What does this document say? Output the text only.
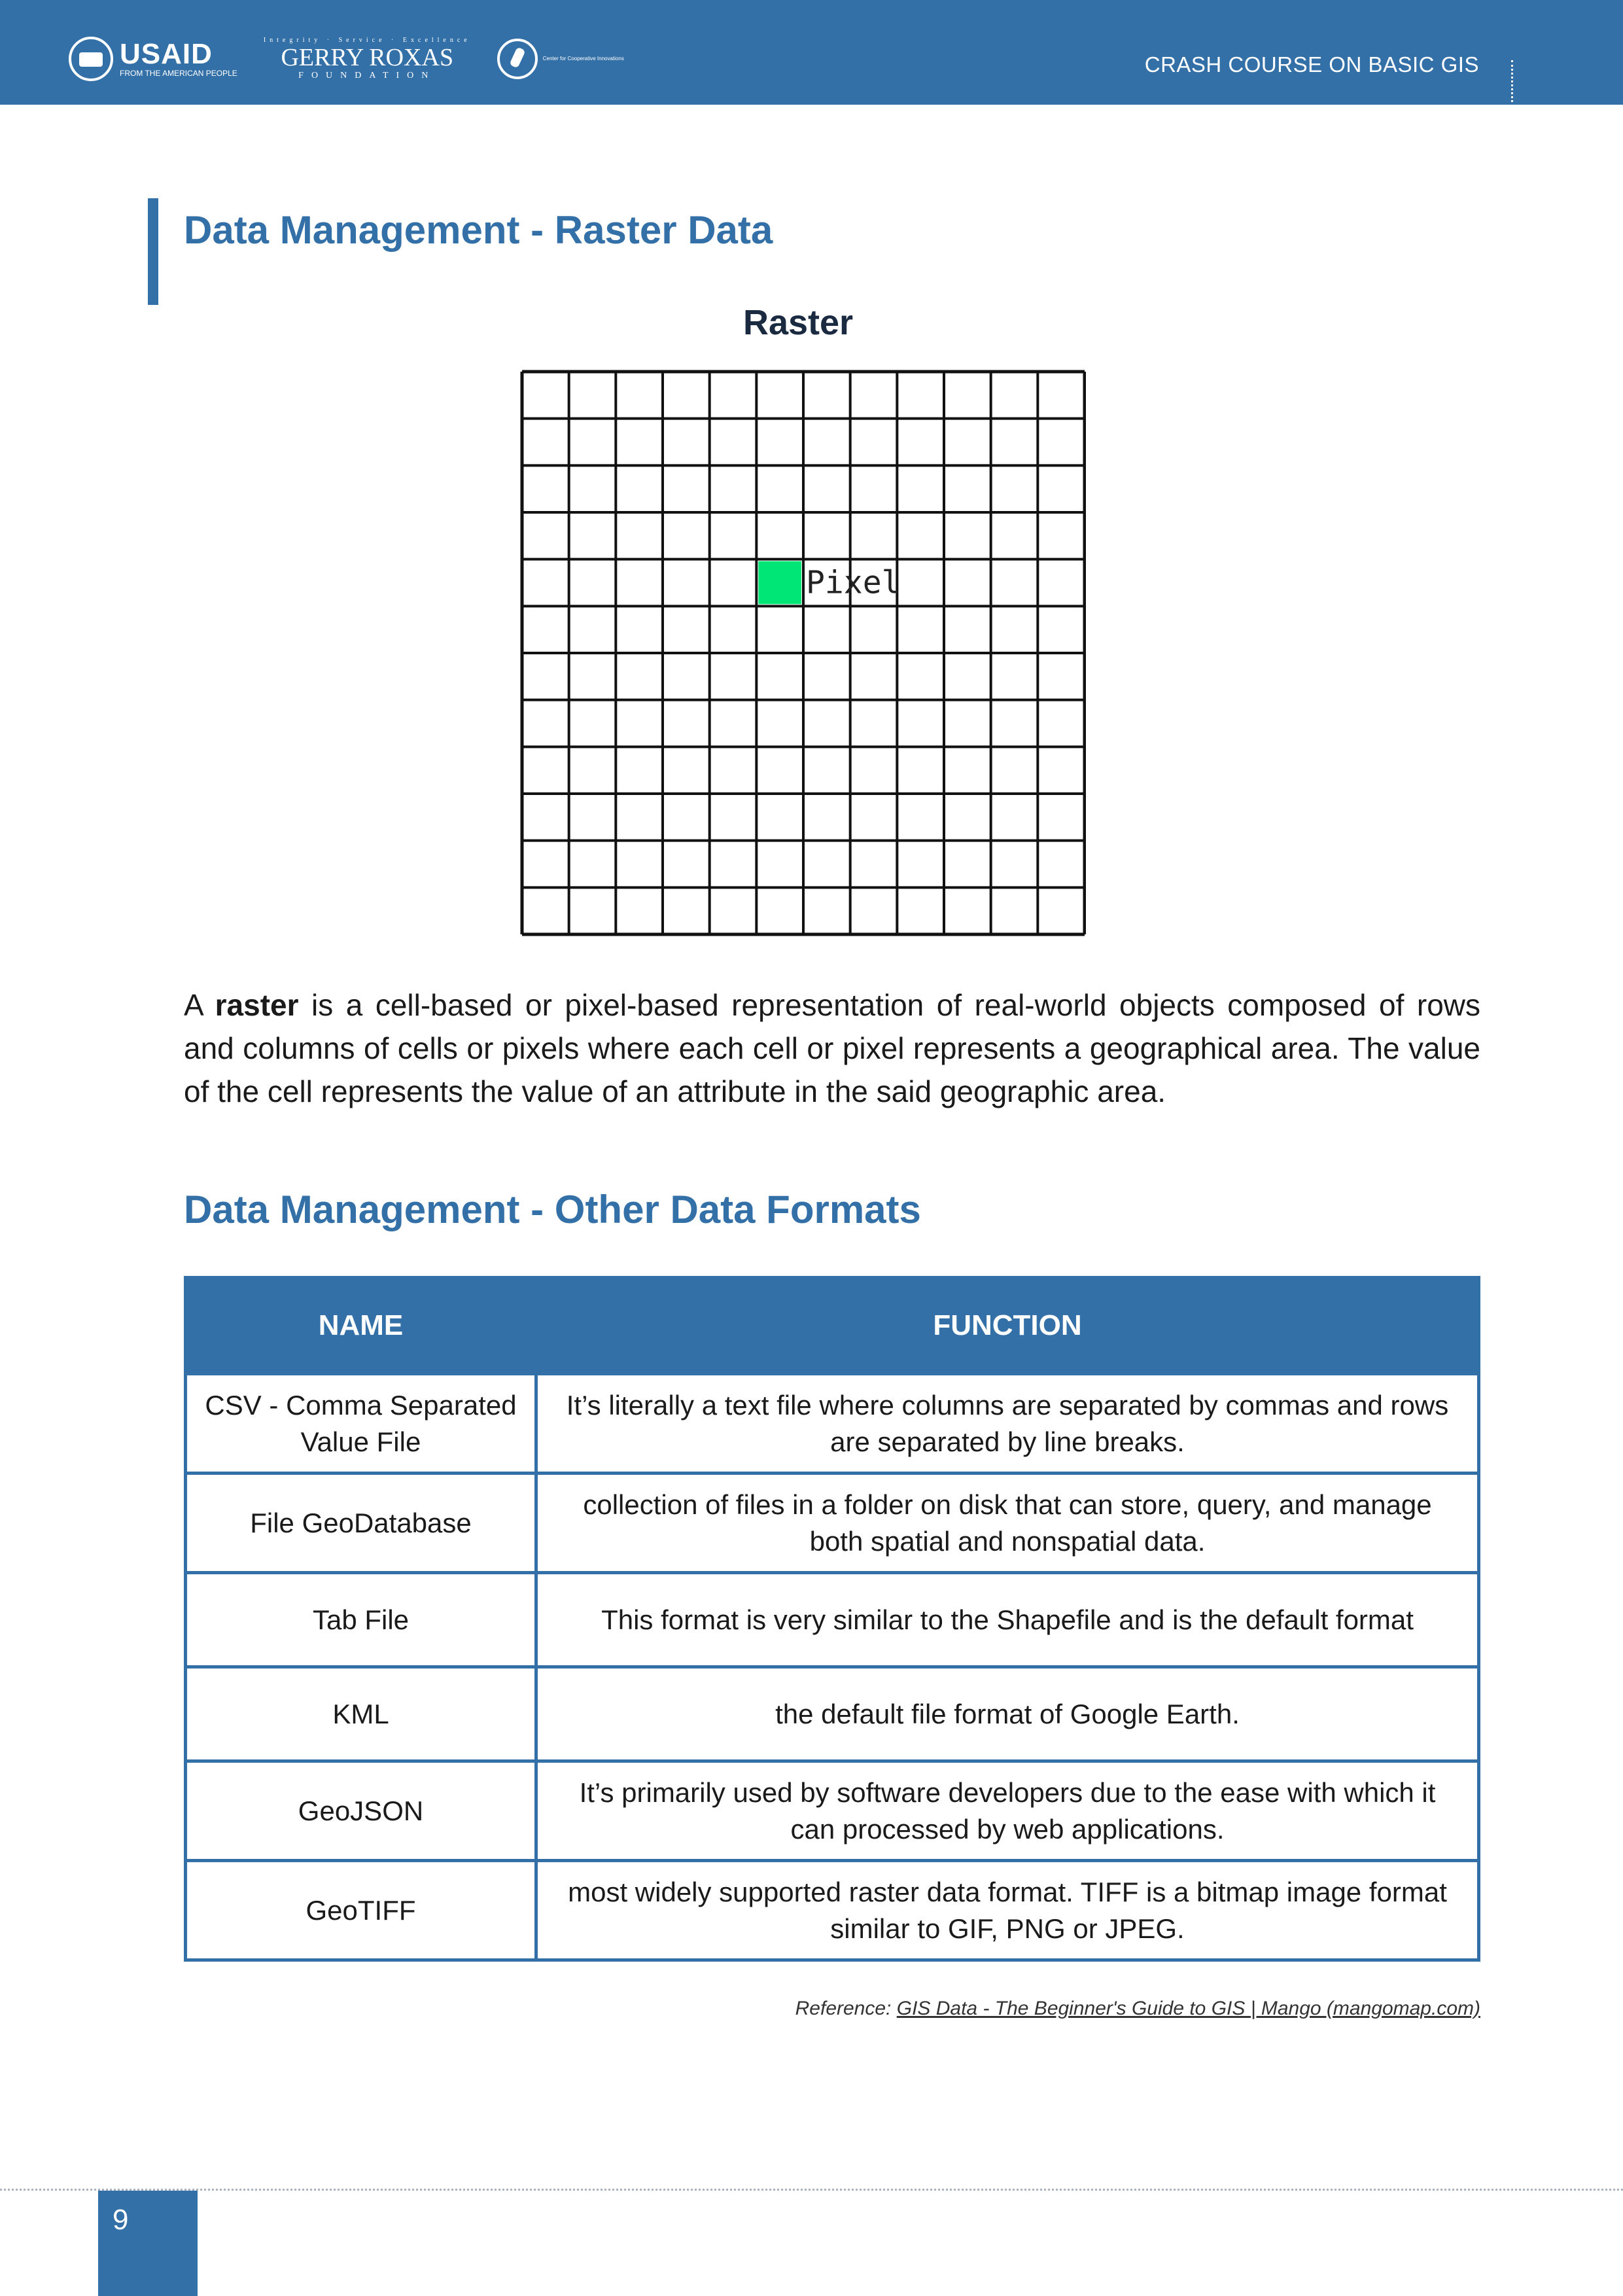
USAID
FROM THE AMERICAN PEOPLE
Integrity · Service · Excellence
GERRY ROXAS
FOUNDATION
Center for Cooperative Innovations	CRASH COURSE ON BASIC GIS
Data Management - Raster Data
Raster
Pixel

A raster is a cell-based or pixel-based representation of real-world objects composed of rows and columns of cells or pixels where each cell or pixel represents a geographical area. The value of the cell represents the value of an attribute in the said geographic area.

Data Management - Other Data Formats
NAME	FUNCTION
CSV - Comma Separated Value File	It’s literally a text file where columns are separated by commas and rows are separated by line breaks.
File GeoDatabase	collection of files in a folder on disk that can store, query, and manage both spatial and nonspatial data.
Tab File	This format is very similar to the Shapefile and is the default format
KML	the default file format of Google Earth.
GeoJSON	It’s primarily used by software developers due to the ease with which it can processed by web applications.
GeoTIFF	most widely supported raster data format. TIFF is a bitmap image format similar to GIF, PNG or JPEG.
Reference: GIS Data - The Beginner's Guide to GIS | Mango (mangomap.com)
9
